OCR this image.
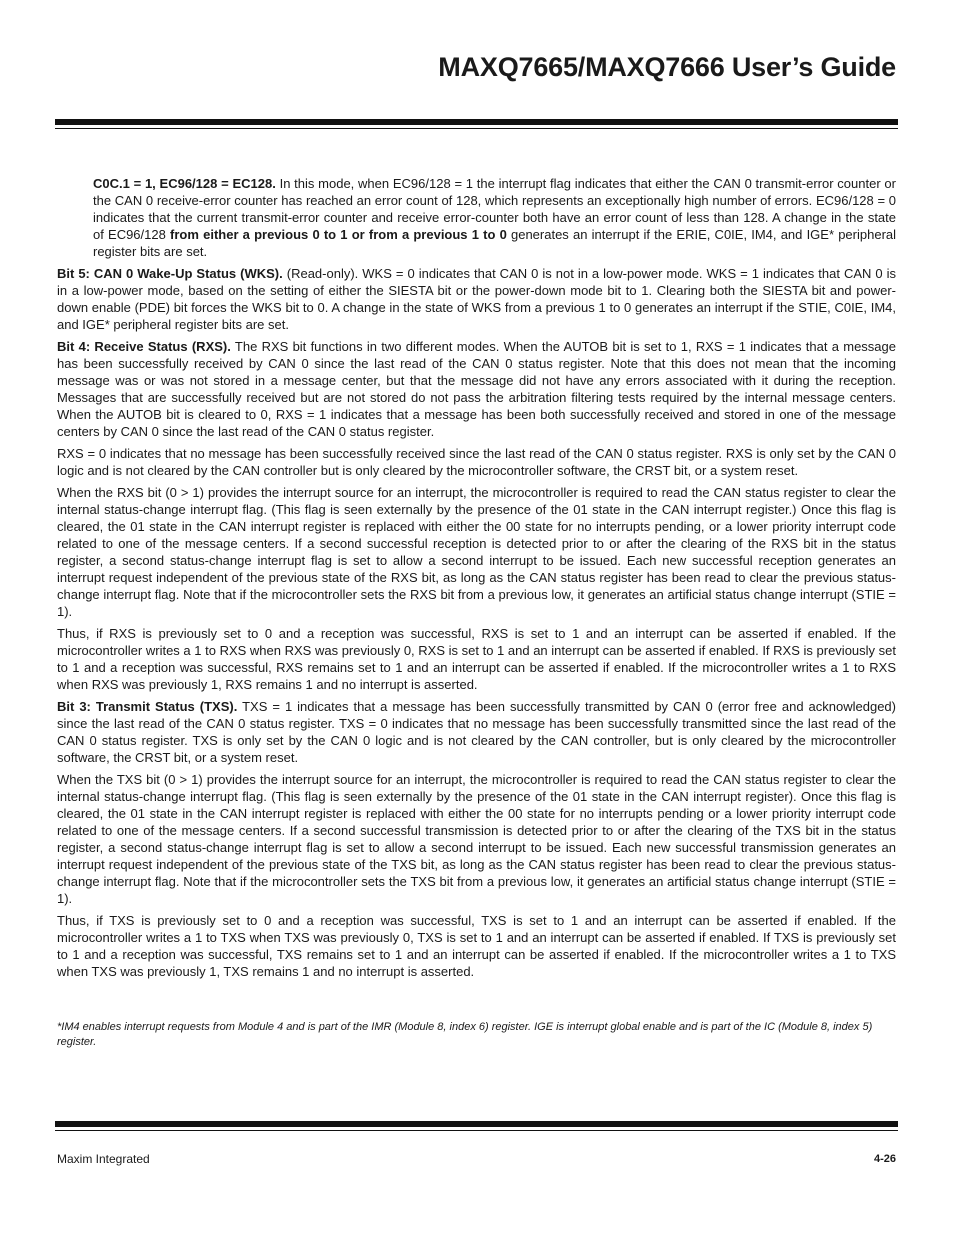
MAXQ7665/MAXQ7666 User’s Guide

C0C.1 = 1, EC96/128 = EC128. In this mode, when EC96/128 = 1 the interrupt flag indicates that either the CAN 0 transmit-error counter or the CAN 0 receive-error counter has reached an error count of 128, which represents an exceptionally high number of errors. EC96/128 = 0 indicates that the current transmit-error counter and receive error-counter both have an error count of less than 128. A change in the state of EC96/128 from either a previous 0 to 1 or from a previous 1 to 0 generates an interrupt if the ERIE, C0IE, IM4, and IGE* peripheral register bits are set.

Bit 5: CAN 0 Wake-Up Status (WKS). (Read-only). WKS = 0 indicates that CAN 0 is not in a low-power mode. WKS = 1 indicates that CAN 0 is in a low-power mode, based on the setting of either the SIESTA bit or the power-down mode bit to 1. Clearing both the SIESTA bit and power-down enable (PDE) bit forces the WKS bit to 0. A change in the state of WKS from a previous 1 to 0 generates an interrupt if the STIE, C0IE, IM4, and IGE* peripheral register bits are set.

Bit 4: Receive Status (RXS). The RXS bit functions in two different modes. When the AUTOB bit is set to 1, RXS = 1 indicates that a message has been successfully received by CAN 0 since the last read of the CAN 0 status register. Note that this does not mean that the incoming message was or was not stored in a message center, but that the message did not have any errors associated with it during the reception. Messages that are successfully received but are not stored do not pass the arbitration filtering tests required by the internal message centers. When the AUTOB bit is cleared to 0, RXS = 1 indicates that a message has been both successfully received and stored in one of the message centers by CAN 0 since the last read of the CAN 0 status register.

RXS = 0 indicates that no message has been successfully received since the last read of the CAN 0 status register. RXS is only set by the CAN 0 logic and is not cleared by the CAN controller but is only cleared by the microcontroller software, the CRST bit, or a system reset.

When the RXS bit (0 > 1) provides the interrupt source for an interrupt, the microcontroller is required to read the CAN status register to clear the internal status-change interrupt flag. (This flag is seen externally by the presence of the 01 state in the CAN interrupt register.) Once this flag is cleared, the 01 state in the CAN interrupt register is replaced with either the 00 state for no interrupts pending, or a lower priority interrupt code related to one of the message centers. If a second successful reception is detected prior to or after the clearing of the RXS bit in the status register, a second status-change interrupt flag is set to allow a second interrupt to be issued. Each new successful reception generates an interrupt request independent of the previous state of the RXS bit, as long as the CAN status register has been read to clear the previous status-change interrupt flag. Note that if the microcontroller sets the RXS bit from a previous low, it generates an artificial status change interrupt (STIE = 1).

Thus, if RXS is previously set to 0 and a reception was successful, RXS is set to 1 and an interrupt can be asserted if enabled. If the microcontroller writes a 1 to RXS when RXS was previously 0, RXS is set to 1 and an interrupt can be asserted if enabled. If RXS is previously set to 1 and a reception was successful, RXS remains set to 1 and an interrupt can be asserted if enabled. If the microcontroller writes a 1 to RXS when RXS was previously 1, RXS remains 1 and no interrupt is asserted.

Bit 3: Transmit Status (TXS). TXS = 1 indicates that a message has been successfully transmitted by CAN 0 (error free and acknowledged) since the last read of the CAN 0 status register. TXS = 0 indicates that no message has been successfully transmitted since the last read of the CAN 0 status register. TXS is only set by the CAN 0 logic and is not cleared by the CAN controller, but is only cleared by the microcontroller software, the CRST bit, or a system reset.

When the TXS bit (0 > 1) provides the interrupt source for an interrupt, the microcontroller is required to read the CAN status register to clear the internal status-change interrupt flag. (This flag is seen externally by the presence of the 01 state in the CAN interrupt register). Once this flag is cleared, the 01 state in the CAN interrupt register is replaced with either the 00 state for no interrupts pending or a lower priority interrupt code related to one of the message centers. If a second successful transmission is detected prior to or after the clearing of the TXS bit in the status register, a second status-change interrupt flag is set to allow a second interrupt to be issued. Each new successful transmission generates an interrupt request independent of the previous state of the TXS bit, as long as the CAN status register has been read to clear the previous status-change interrupt flag. Note that if the microcontroller sets the TXS bit from a previous low, it generates an artificial status change interrupt (STIE = 1).

Thus, if TXS is previously set to 0 and a reception was successful, TXS is set to 1 and an interrupt can be asserted if enabled. If the microcontroller writes a 1 to TXS when TXS was previously 0, TXS is set to 1 and an interrupt can be asserted if enabled. If TXS is previously set to 1 and a reception was successful, TXS remains set to 1 and an interrupt can be asserted if enabled. If the microcontroller writes a 1 to TXS when TXS was previously 1, TXS remains 1 and no interrupt is asserted.

*IM4 enables interrupt requests from Module 4 and is part of the IMR (Module 8, index 6) register. IGE is interrupt global enable and is part of the IC (Module 8, index 5) register.

Maxim Integrated	4-26
